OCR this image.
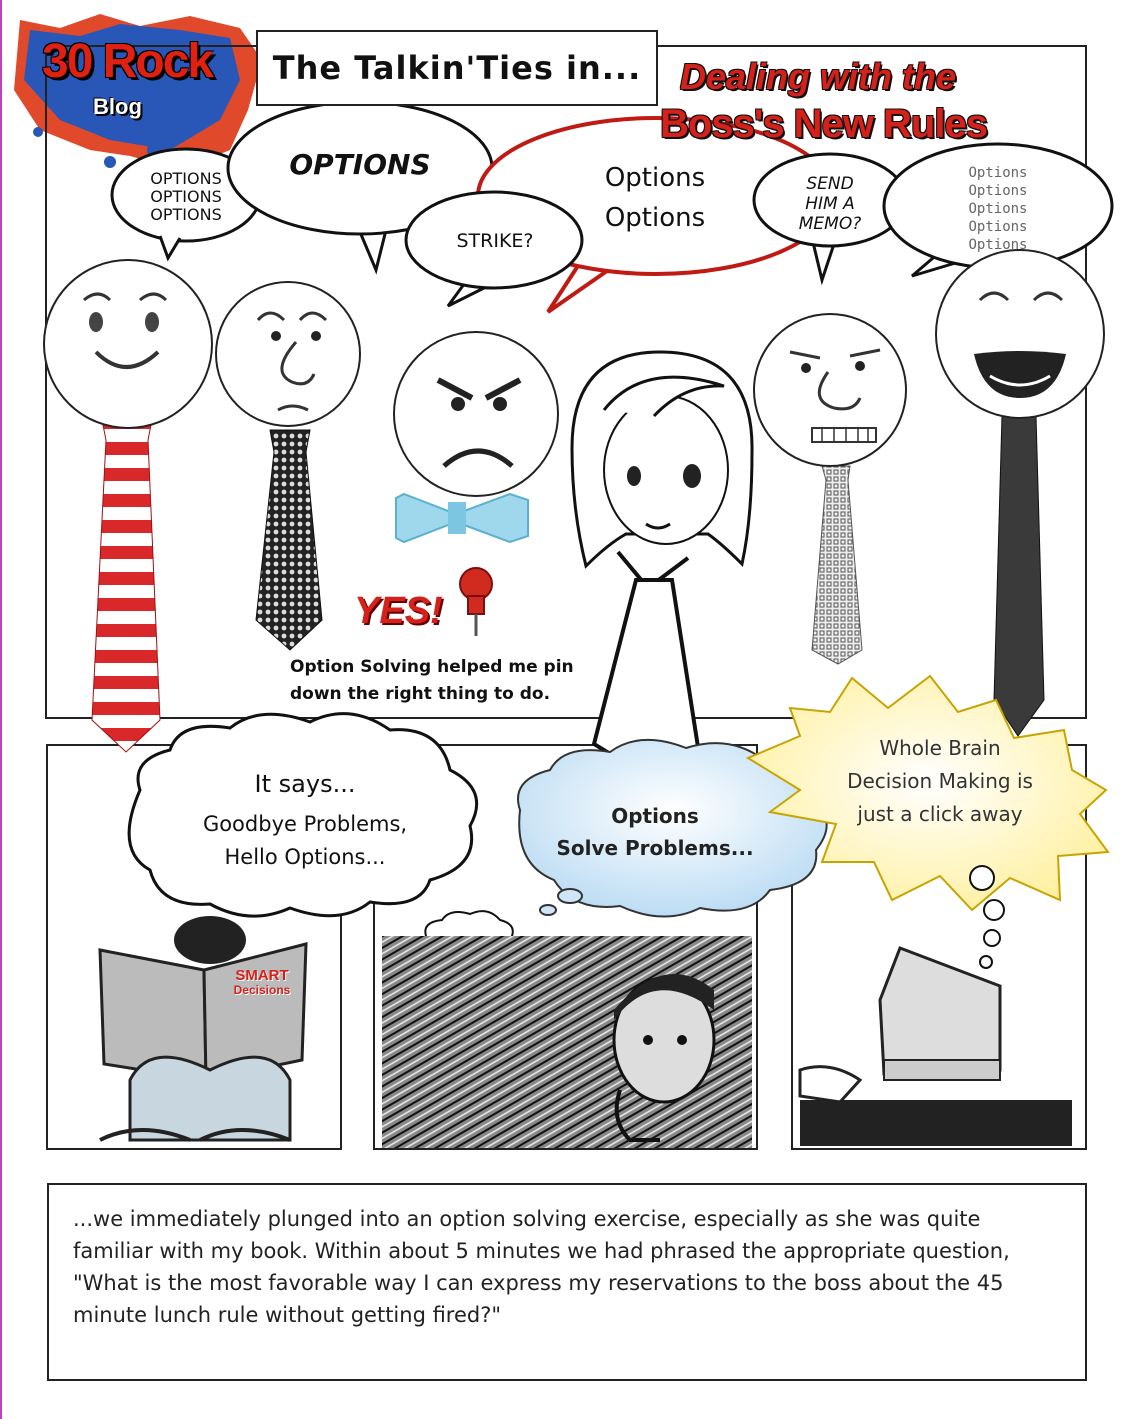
30 Rock
Blog
The Talkin'Ties in...	Dealing with the
Boss's New Rules
OPTIONS
OPTIONS
OPTIONS
OPTIONS
STRIKE?
Options
Options
SEND
HIM A
MEMO?
Options
Options
Options
Options
Options
YES!
Option Solving helped me pin
down the right thing to do.
It says...
Goodbye Problems,
Hello Options...
Options
Solve Problems...
Whole Brain
Decision Making is
just a click away
SMART
Decisions
...we immediately plunged into an option solving exercise, especially as she was quite familiar with my book. Within about 5 minutes we had phrased the appropriate question, "What is the most favorable way I can express my reservations to the boss about the 45 minute lunch rule without getting fired?"
